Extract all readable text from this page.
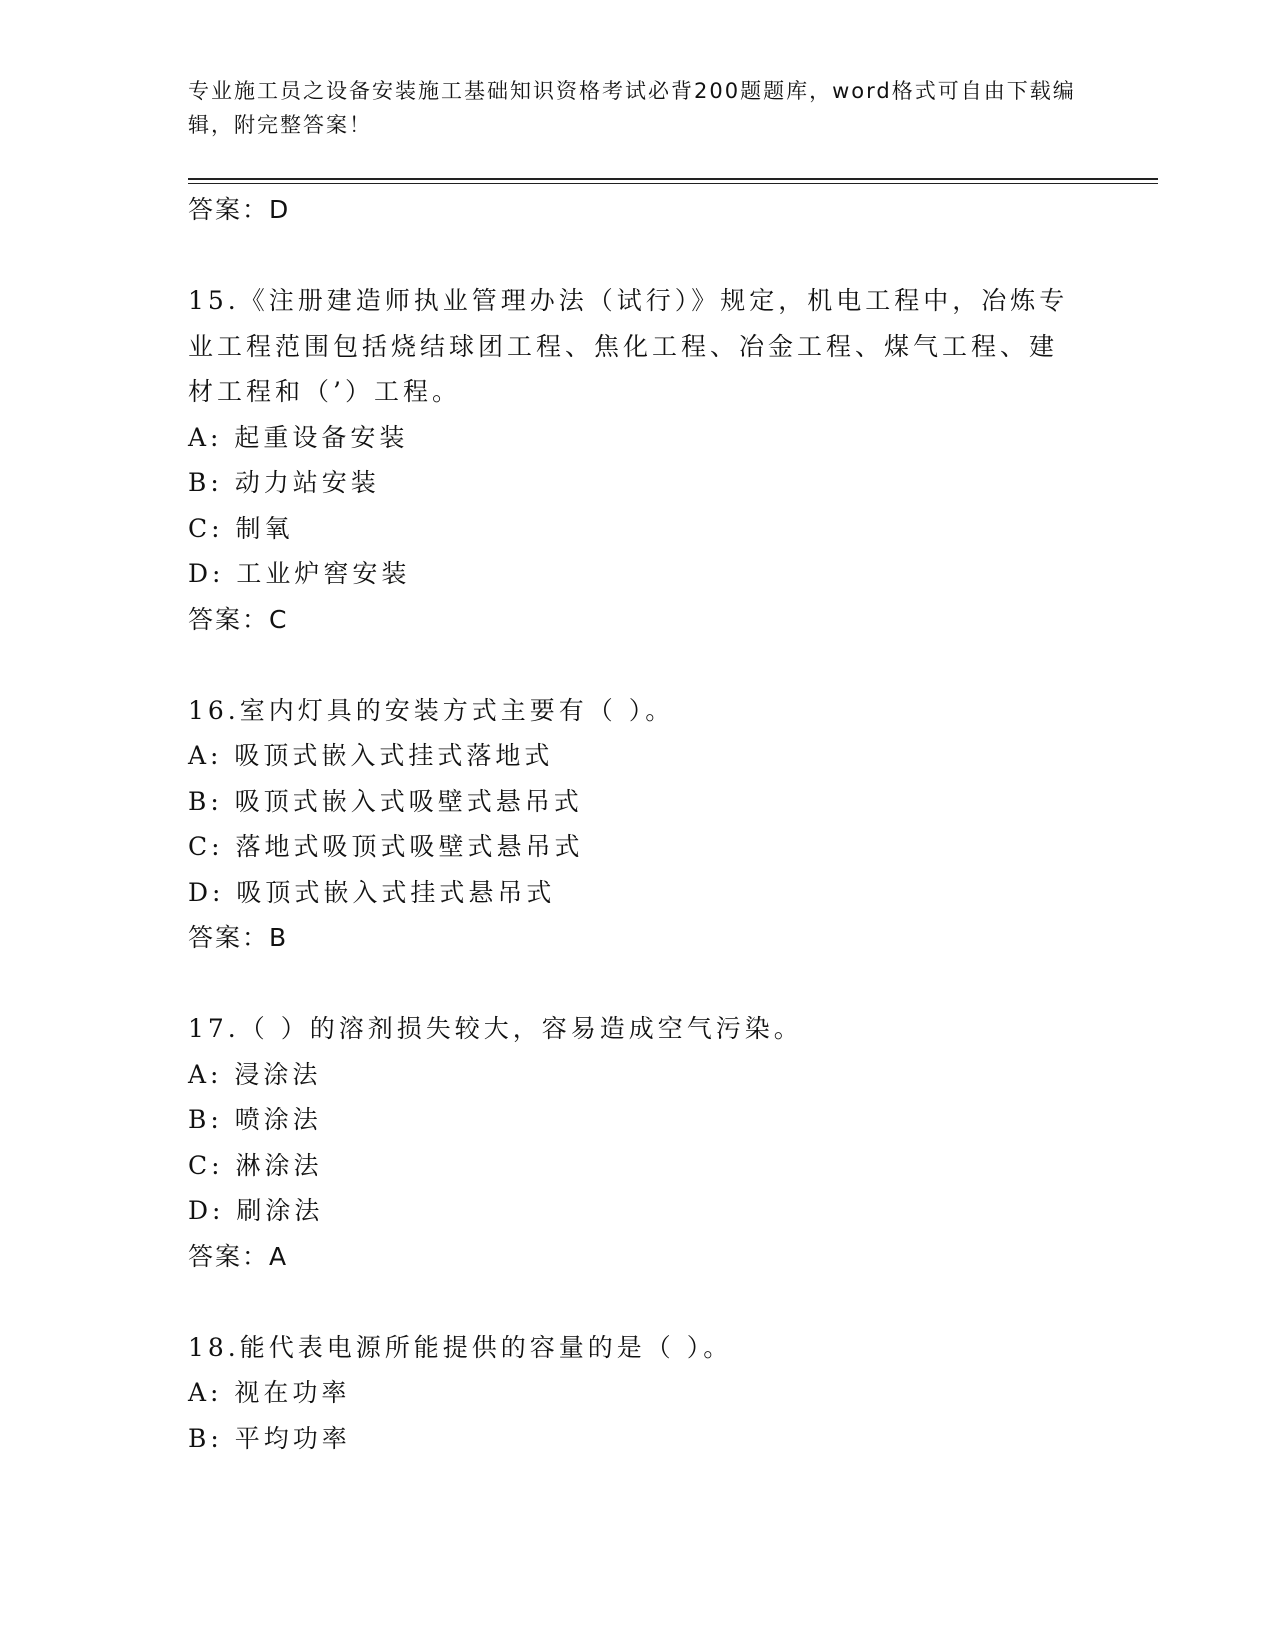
专业施工员之设备安装施工基础知识资格考试必背200题题库，word格式可自由下载编辑，附完整答案！
答案：D
15.《注册建造师执业管理办法（试行）》规定，机电工程中，冶炼专
业工程范围包括烧结球团工程、焦化工程、冶金工程、煤气工程、建
材工程和（’）工程。
A: 起重设备安装
B: 动力站安装
C: 制氧
D: 工业炉窖安装
答案：C
16.室内灯具的安装方式主要有（ ）。
A: 吸顶式嵌入式挂式落地式
B: 吸顶式嵌入式吸壁式悬吊式
C: 落地式吸顶式吸壁式悬吊式
D: 吸顶式嵌入式挂式悬吊式
答案：B
17.（ ）的溶剂损失较大，容易造成空气污染。
A: 浸涂法
B: 喷涂法
C: 淋涂法
D: 刷涂法
答案：A
18.能代表电源所能提供的容量的是（ ）。
A: 视在功率
B: 平均功率
